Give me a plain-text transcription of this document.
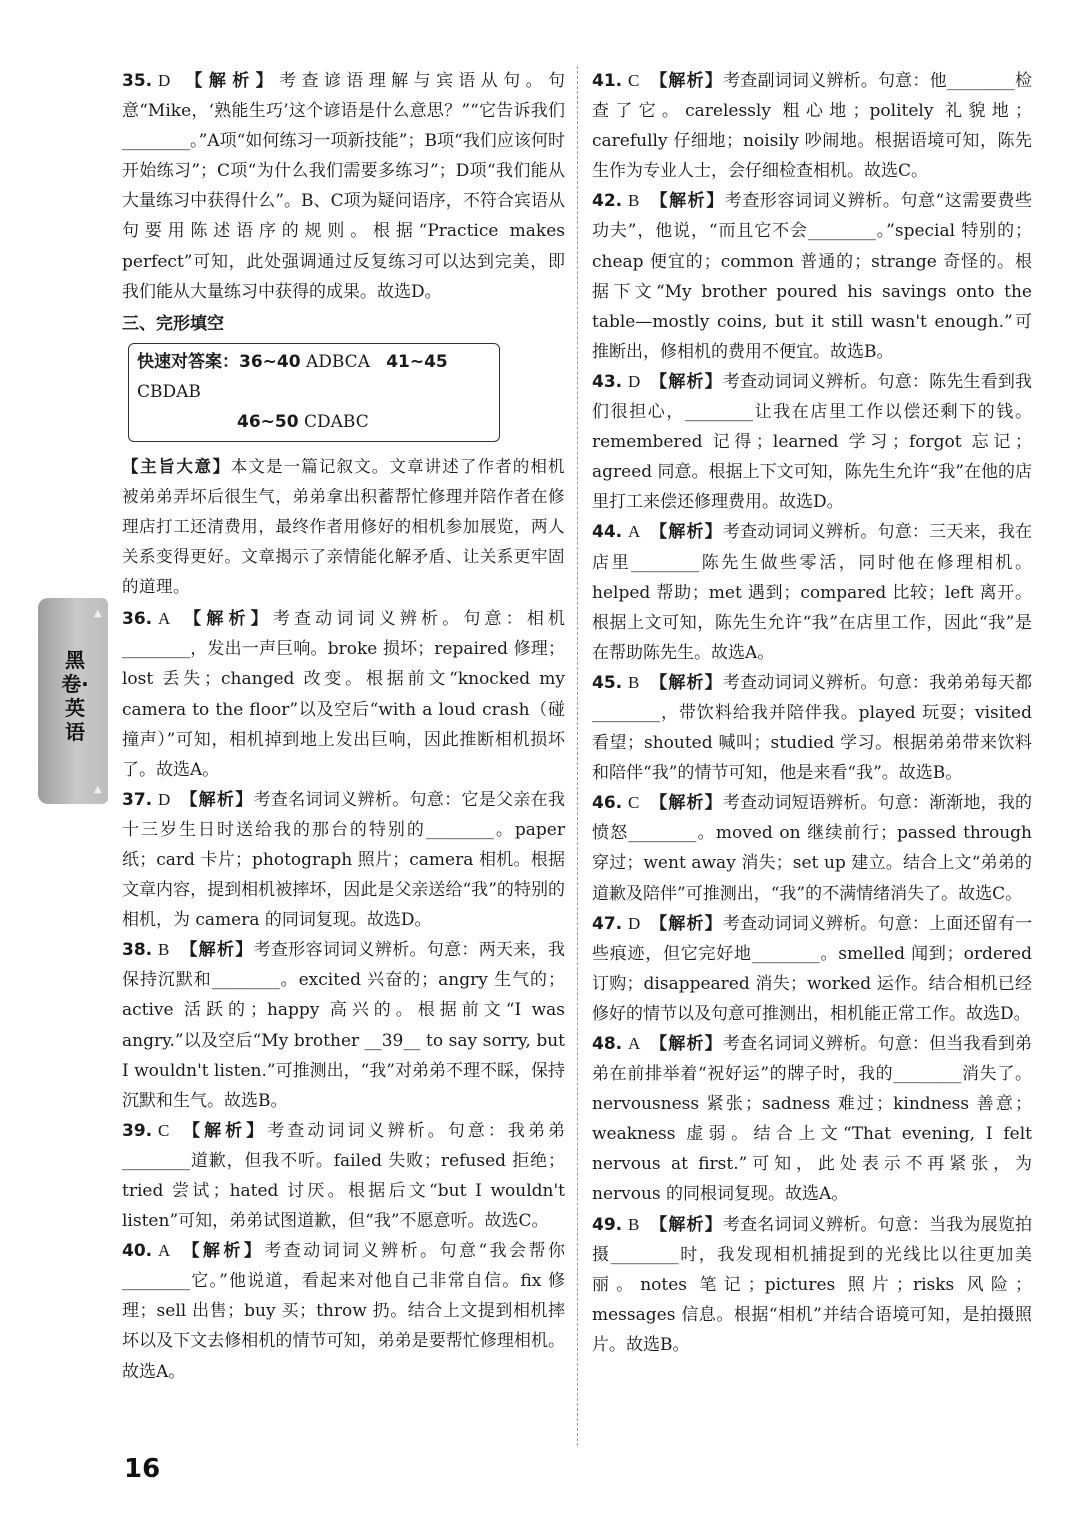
35. D 【解析】考查谚语理解与宾语从句。句意“Mike，‘熟能生巧’这个谚语是什么意思？”“它告诉我们________。”A项“如何练习一项新技能”；B项“我们应该何时开始练习”；C项“为什么我们需要多练习”；D项“我们能从大量练习中获得什么”。B、C项为疑问语序，不符合宾语从句要用陈述语序的规则。根据“Practice makes perfect”可知，此处强调通过反复练习可以达到完美，即我们能从大量练习中获得的成果。故选D。

三、完形填空
快速对答案：36~40 ADBCA 41~45 CBDAB
46~50 CDABC

【主旨大意】本文是一篇记叙文。文章讲述了作者的相机被弟弟弄坏后很生气，弟弟拿出积蓄帮忙修理并陪作者在修理店打工还清费用，最终作者用修好的相机参加展览，两人关系变得更好。文章揭示了亲情能化解矛盾、让关系更牢固的道理。

36. A 【解析】考查动词词义辨析。句意：相机________，发出一声巨响。broke 损坏；repaired 修理；lost 丢失；changed 改变。根据前文“knocked my camera to the floor”以及空后“with a loud crash（碰撞声）”可知，相机掉到地上发出巨响，因此推断相机损坏了。故选A。

37. D 【解析】考查名词词义辨析。句意：它是父亲在我十三岁生日时送给我的那台的特别的________。paper 纸；card 卡片；photograph 照片；camera 相机。根据文章内容，提到相机被摔坏，因此是父亲送给“我”的特别的相机，为 camera 的同词复现。故选D。

38. B 【解析】考查形容词词义辨析。句意：两天来，我保持沉默和________。excited 兴奋的；angry 生气的；active 活跃的；happy 高兴的。根据前文“I was angry.”以及空后“My brother __39__ to say sorry, but I wouldn't listen.”可推测出，“我”对弟弟不理不睬，保持沉默和生气。故选B。

39. C 【解析】考查动词词义辨析。句意：我弟弟________道歉，但我不听。failed 失败；refused 拒绝；tried 尝试；hated 讨厌。根据后文“but I wouldn't listen”可知，弟弟试图道歉，但“我”不愿意听。故选C。

40. A 【解析】考查动词词义辨析。句意“我会帮你________它。”他说道，看起来对他自己非常自信。fix 修理；sell 出售；buy 买；throw 扔。结合上文提到相机摔坏以及下文去修相机的情节可知，弟弟是要帮忙修理相机。故选A。

41. C 【解析】考查副词词义辨析。句意：他________检查了它。carelessly 粗心地；politely 礼貌地；carefully 仔细地；noisily 吵闹地。根据语境可知，陈先生作为专业人士，会仔细检查相机。故选C。

42. B 【解析】考查形容词词义辨析。句意“这需要费些功夫”，他说，“而且它不会________。”special 特别的；cheap 便宜的；common 普通的；strange 奇怪的。根据下文“My brother poured his savings onto the table—mostly coins, but it still wasn't enough.”可推断出，修相机的费用不便宜。故选B。

43. D 【解析】考查动词词义辨析。句意：陈先生看到我们很担心，________让我在店里工作以偿还剩下的钱。remembered 记得；learned 学习；forgot 忘记；agreed 同意。根据上下文可知，陈先生允许“我”在他的店里打工来偿还修理费用。故选D。

44. A 【解析】考查动词词义辨析。句意：三天来，我在店里________陈先生做些零活，同时他在修理相机。helped 帮助；met 遇到；compared 比较；left 离开。根据上文可知，陈先生允许“我”在店里工作，因此“我”是在帮助陈先生。故选A。

45. B 【解析】考查动词词义辨析。句意：我弟弟每天都________，带饮料给我并陪伴我。played 玩耍；visited 看望；shouted 喊叫；studied 学习。根据弟弟带来饮料和陪伴“我”的情节可知，他是来看“我”。故选B。

46. C 【解析】考查动词短语辨析。句意：渐渐地，我的愤怒________。moved on 继续前行；passed through 穿过；went away 消失；set up 建立。结合上文“弟弟的道歉及陪伴”可推测出，“我”的不满情绪消失了。故选C。

47. D 【解析】考查动词词义辨析。句意：上面还留有一些痕迹，但它完好地________。smelled 闻到；ordered 订购；disappeared 消失；worked 运作。结合相机已经修好的情节以及句意可推测出，相机能正常工作。故选D。

48. A 【解析】考查名词词义辨析。句意：但当我看到弟弟在前排举着“祝好运”的牌子时，我的________消失了。nervousness 紧张；sadness 难过；kindness 善意；weakness 虚弱。结合上文“That evening, I felt nervous at first.”可知，此处表示不再紧张，为 nervous 的同根词复现。故选A。

49. B 【解析】考查名词词义辨析。句意：当我为展览拍摄________时，我发现相机捕捉到的光线比以往更加美丽。notes 笔记；pictures 照片；risks 风险；messages 信息。根据“相机”并结合语境可知，是拍摄照片。故选B。

▲
黑卷·英语
▲
16
